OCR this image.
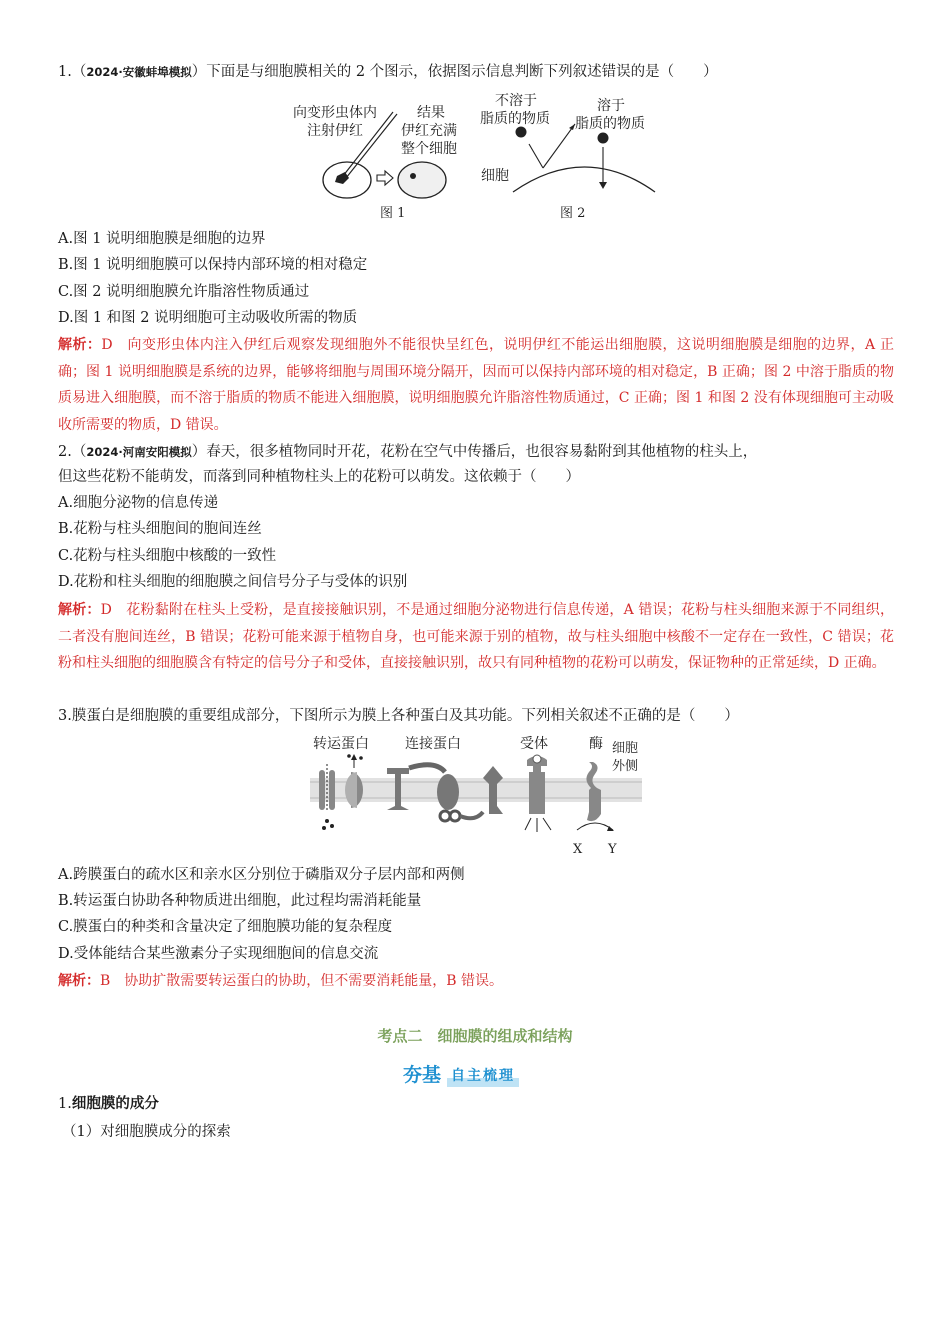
1.（2024·安徽蚌埠模拟）下面是与细胞膜相关的 2 个图示，依据图示信息判断下列叙述错误的是（　　）
向变形虫体内
注射伊红
结果
伊红充满
整个细胞
图 1
不溶于
脂质的物质
溶于
脂质的物质
细胞
图 2
A.图 1 说明细胞膜是细胞的边界
B.图 1 说明细胞膜可以保持内部环境的相对稳定
C.图 2 说明细胞膜允许脂溶性物质通过
D.图 1 和图 2 说明细胞可主动吸收所需的物质
解析：D　向变形虫体内注入伊红后观察发现细胞外不能很快呈红色，说明伊红不能运出细胞膜，这说明细胞膜是细胞的边界，A 正确；图 1 说明细胞膜是系统的边界，能够将细胞与周围环境分隔开，因而可以保持内部环境的相对稳定，B 正确；图 2 中溶于脂质的物质易进入细胞膜，而不溶于脂质的物质不能进入细胞膜，说明细胞膜允许脂溶性物质通过，C 正确；图 1 和图 2 没有体现细胞可主动吸收所需要的物质，D 错误。
2.（2024·河南安阳模拟）春天，很多植物同时开花，花粉在空气中传播后，也很容易黏附到其他植物的柱头上，
但这些花粉不能萌发，而落到同种植物柱头上的花粉可以萌发。这依赖于（　　）
A.细胞分泌物的信息传递
B.花粉与柱头细胞间的胞间连丝
C.花粉与柱头细胞中核酸的一致性
D.花粉和柱头细胞的细胞膜之间信号分子与受体的识别
解析：D　花粉黏附在柱头上受粉，是直接接触识别，不是通过细胞分泌物进行信息传递，A 错误；花粉与柱头细胞来源于不同组织，二者没有胞间连丝，B 错误；花粉可能来源于植物自身，也可能来源于别的植物，故与柱头细胞中核酸不一定存在一致性，C 错误；花粉和柱头细胞的细胞膜含有特定的信号分子和受体，直接接触识别，故只有同种植物的花粉可以萌发，保证物种的正常延续，D 正确。
3.膜蛋白是细胞膜的重要组成部分，下图所示为膜上各种蛋白及其功能。下列相关叙述不正确的是（　　）
转运蛋白	连接蛋白	受体	酶 细胞
外侧
X Y
A.跨膜蛋白的疏水区和亲水区分别位于磷脂双分子层内部和两侧
B.转运蛋白协助各种物质进出细胞，此过程均需消耗能量
C.膜蛋白的种类和含量决定了细胞膜功能的复杂程度
D.受体能结合某些激素分子实现细胞间的信息交流
解析：B　协助扩散需要转运蛋白的协助，但不需要消耗能量，B 错误。
考点二　细胞膜的组成和结构
夯基 自主梳理
1.细胞膜的成分
（1）对细胞膜成分的探索
